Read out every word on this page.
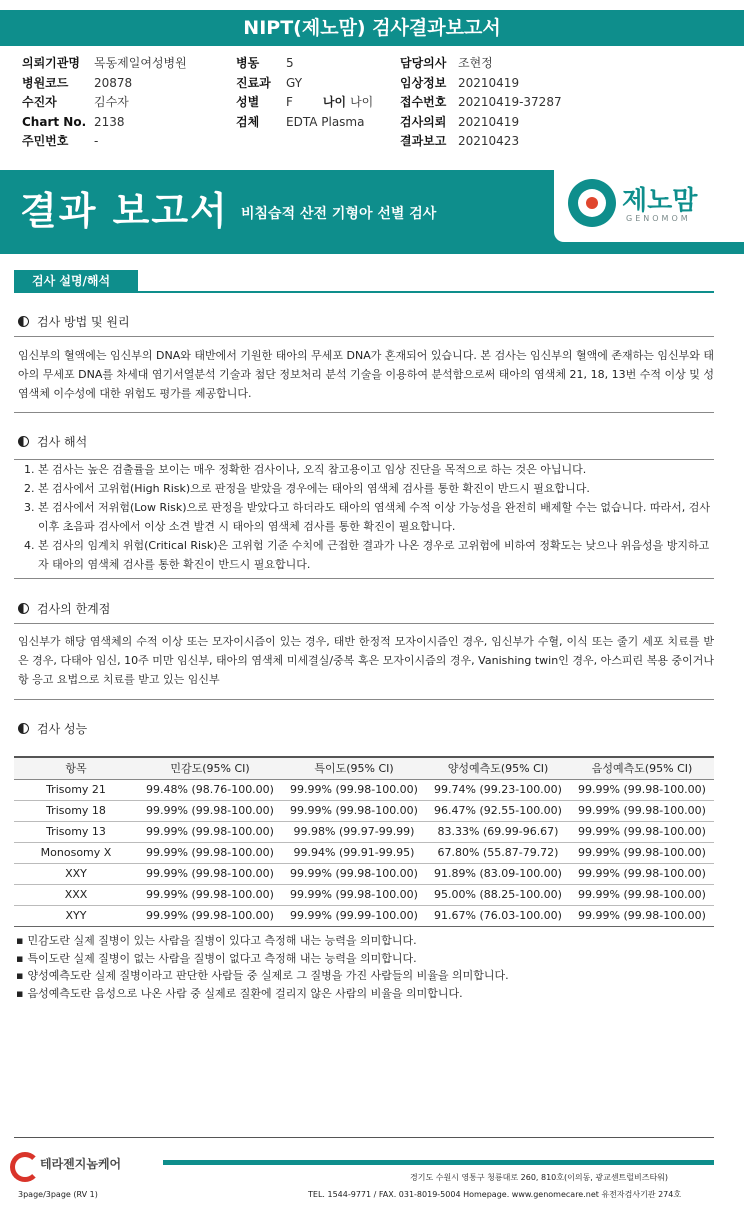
NIPT(제노맘) 검사결과보고서
의뢰기관명	목동제일여성병원
병원코드	20878
수진자	김수자
Chart No. 2138
주민번호	-
병동	5
진료과	GY
성별	F	나이 나이
검체	EDTA Plasma
담당의사 조현정
임상정보 20210419
접수번호 20210419-37287
검사의뢰 20210419
결과보고 20210423
결과 보고서 비침습적 산전 기형아 선별 검사	제노맘
GENOMOM
검사 설명/해석
검사 방법 및 원리
임신부의 혈액에는 임신부의 DNA와 태반에서 기원한 태아의 무세포 DNA가 혼재되어 있습니다. 본 검사는 임신부의 혈액에 존재하는 임신부와 태아의 무세포 DNA를 차세대 염기서열분석 기술과 첨단 정보처리 분석 기술을 이용하여 분석함으로써 태아의 염색체 21, 18, 13번 수적 이상 및 성염색체 이수성에 대한 위험도 평가를 제공합니다.
검사 해석
1. 본 검사는 높은 검출률을 보이는 매우 정확한 검사이나, 오직 참고용이고 임상 진단을 목적으로 하는 것은 아닙니다.
2. 본 검사에서 고위험(High Risk)으로 판정을 받았을 경우에는 태아의 염색체 검사를 통한 확진이 반드시 필요합니다.
3. 본 검사에서 저위험(Low Risk)으로 판정을 받았다고 하더라도 태아의 염색체 수적 이상 가능성을 완전히 배제할 수는 없습니다. 따라서, 검사 이후 초음파 검사에서 이상 소견 발견 시 태아의 염색체 검사를 통한 확진이 필요합니다.
4. 본 검사의 임계치 위험(Critical Risk)은 고위험 기준 수치에 근접한 결과가 나온 경우로 고위험에 비하여 정확도는 낮으나 위음성을 방지하고자 태아의 염색체 검사를 통한 확진이 반드시 필요합니다.
검사의 한계점
임신부가 해당 염색체의 수적 이상 또는 모자이시즘이 있는 경우, 태반 한정적 모자이시즘인 경우, 임신부가 수혈, 이식 또는 줄기 세포 치료를 받은 경우, 다태아 임신, 10주 미만 임신부, 태아의 염색체 미세결실/중복 혹은 모자이시즘의 경우, Vanishing twin인 경우, 아스피린 복용 중이거나 항 응고 요법으로 치료를 받고 있는 임신부
검사 성능
항목	민감도(95% CI)	특이도(95% CI)	양성예측도(95% CI)	음성예측도(95% CI)
Trisomy 21	99.48% (98.76-100.00)	99.99% (99.98-100.00)	99.74% (99.23-100.00)	99.99% (99.98-100.00)
Trisomy 18	99.99% (99.98-100.00)	99.99% (99.98-100.00)	96.47% (92.55-100.00)	99.99% (99.98-100.00)
Trisomy 13	99.99% (99.98-100.00)	99.98% (99.97-99.99)	83.33% (69.99-96.67)	99.99% (99.98-100.00)
Monosomy X	99.99% (99.98-100.00)	99.94% (99.91-99.95)	67.80% (55.87-79.72)	99.99% (99.98-100.00)
XXY	99.99% (99.98-100.00)	99.99% (99.98-100.00)	91.89% (83.09-100.00)	99.99% (99.98-100.00)
XXX	99.99% (99.98-100.00)	99.99% (99.98-100.00)	95.00% (88.25-100.00)	99.99% (99.98-100.00)
XYY	99.99% (99.98-100.00)	99.99% (99.99-100.00)	91.67% (76.03-100.00)	99.99% (99.98-100.00)
▪ 민감도란 실제 질병이 있는 사람을 질병이 있다고 측정해 내는 능력을 의미합니다.
▪ 특이도란 실제 질병이 없는 사람을 질병이 없다고 측정해 내는 능력을 의미합니다.
▪ 양성예측도란 실제 질병이라고 판단한 사람들 중 실제로 그 질병을 가진 사람들의 비율을 의미합니다.
▪ 음성예측도란 음성으로 나온 사람 중 실제로 질환에 걸리지 않은 사람의 비율을 의미합니다.
테라젠지놈케어
경기도 수원시 영통구 청룡대로 260, 810호(이의동, 광교센트럴비즈타워)
TEL. 1544-9771 / FAX. 031-8019-5004 Homepage. www.genomecare.net 유전자검사기관 274호
3page/3page (RV 1)
